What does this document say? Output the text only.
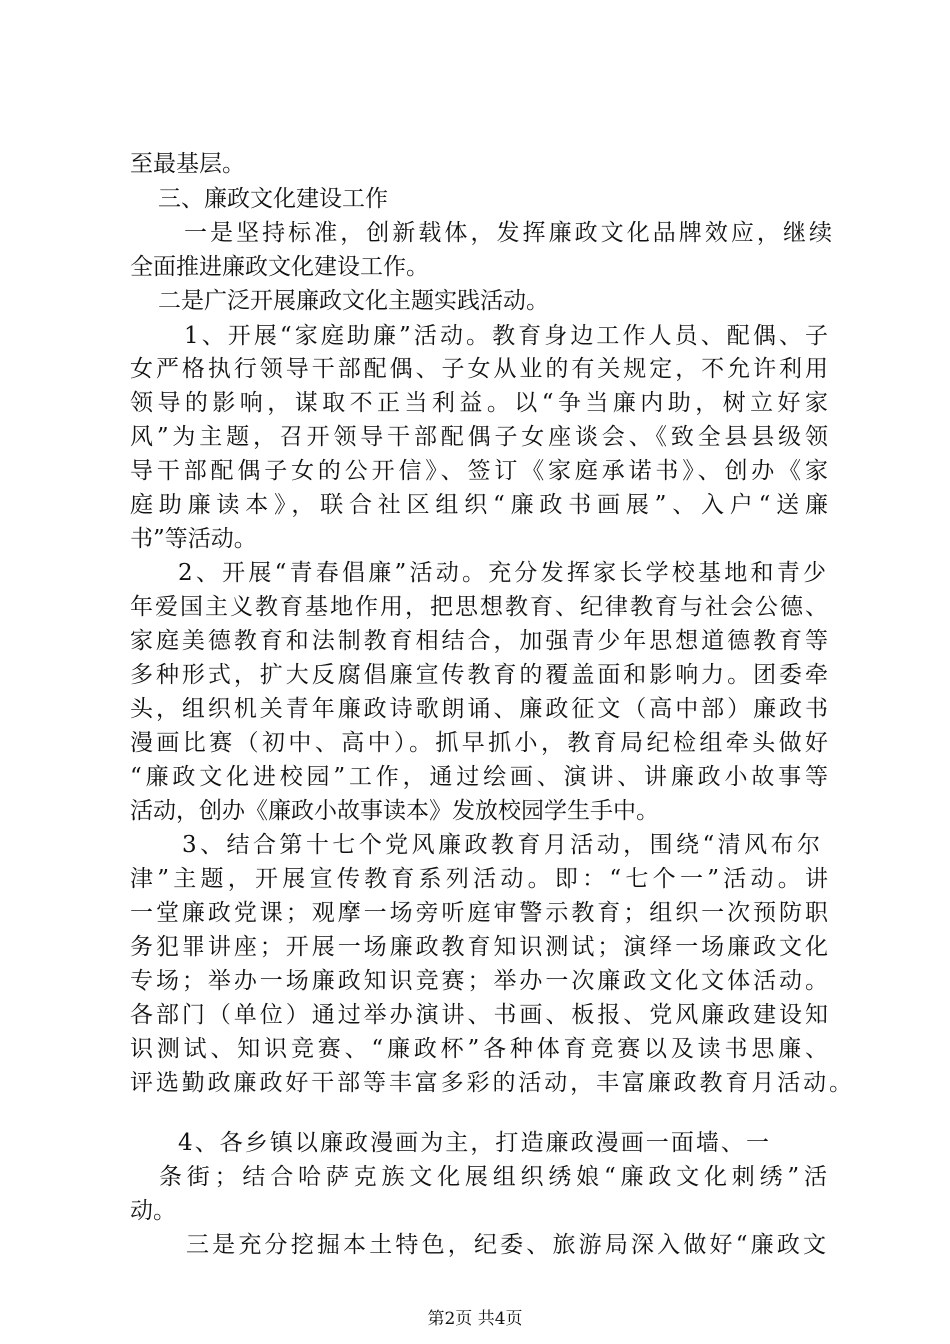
至最基层。
三、廉政文化建设工作
一是坚持标准，创新载体，发挥廉政文化品牌效应，继续
全面推进廉政文化建设工作。
二是广泛开展廉政文化主题实践活动。
1、开展“家庭助廉”活动。教育身边工作人员、配偶、子
女严格执行领导干部配偶、子女从业的有关规定，不允许利用
领导的影响，谋取不正当利益。以“争当廉内助，树立好家
风”为主题，召开领导干部配偶子女座谈会、《致全县县级领
导干部配偶子女的公开信》、签订《家庭承诺书》、创办《家
庭助廉读本》，联合社区组织“廉政书画展”、入户“送廉
书”等活动。
2、开展“青春倡廉”活动。充分发挥家长学校基地和青少
年爱国主义教育基地作用，把思想教育、纪律教育与社会公德、
家庭美德教育和法制教育相结合，加强青少年思想道德教育等
多种形式，扩大反腐倡廉宣传教育的覆盖面和影响力。团委牵
头，组织机关青年廉政诗歌朗诵、廉政征文（高中部）廉政书
漫画比赛（初中、高中）。抓早抓小，教育局纪检组牵头做好
“廉政文化进校园”工作，通过绘画、演讲、讲廉政小故事等
活动，创办《廉政小故事读本》发放校园学生手中。
3、结合第十七个党风廉政教育月活动，围绕“清风布尔
津”主题，开展宣传教育系列活动。即：“七个一”活动。讲
一堂廉政党课；观摩一场旁听庭审警示教育；组织一次预防职
务犯罪讲座；开展一场廉政教育知识测试；演绎一场廉政文化
专场；举办一场廉政知识竞赛；举办一次廉政文化文体活动。
各部门（单位）通过举办演讲、书画、板报、党风廉政建设知
识测试、知识竞赛、“廉政杯”各种体育竞赛以及读书思廉、
评选勤政廉政好干部等丰富多彩的活动，丰富廉政教育月活动。
4、各乡镇以廉政漫画为主，打造廉政漫画一面墙、一
条街；结合哈萨克族文化展组织绣娘“廉政文化刺绣”活
动。
三是充分挖掘本土特色，纪委、旅游局深入做好“廉政文
第2页 共4页
